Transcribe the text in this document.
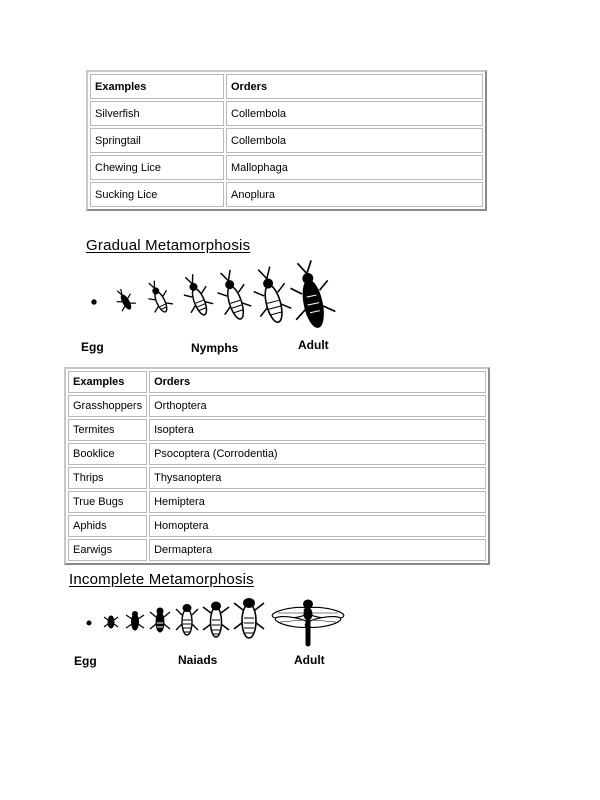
Examples	Orders
Silverfish	Collembola
Springtail	Collembola
Chewing Lice	Mallophaga
Sucking Lice	Anoplura
Gradual Metamorphosis
Egg	Nymphs	Adult
Examples	Orders
Grasshoppers	Orthoptera
Termites	Isoptera
Booklice	Psocoptera (Corrodentia)
Thrips	Thysanoptera
True Bugs	Hemiptera
Aphids	Homoptera
Earwigs	Dermaptera
Incomplete Metamorphosis
Egg	Naiads	Adult
